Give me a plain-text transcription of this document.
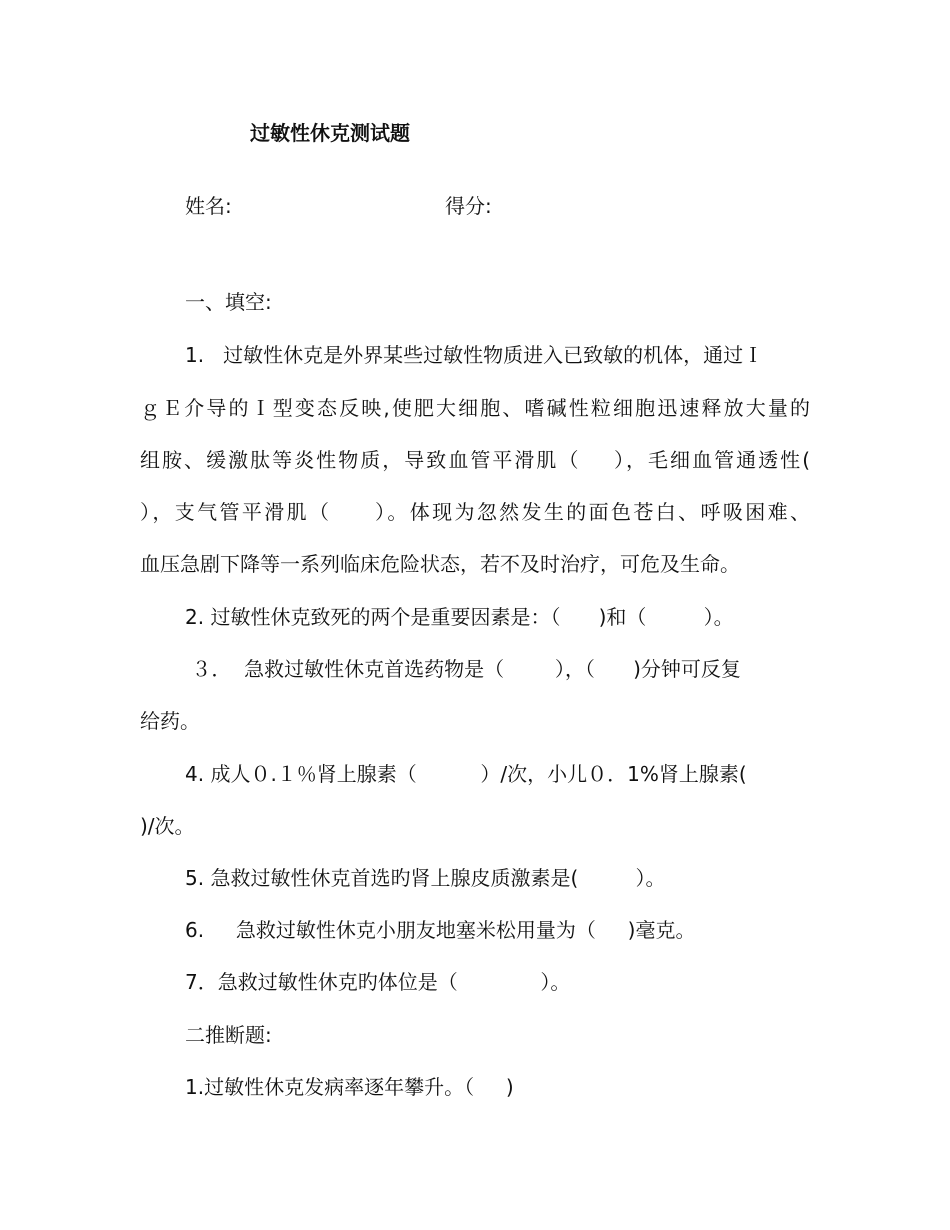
过敏性休克测试题
姓名:	得分:
一、填空:
1.   过敏性休克是外界某些过敏性物质进入已致敏的机体，通过Ｉ
ｇＥ介导的Ｉ型变态反映,使肥大细胞、嗜碱性粒细胞迅速释放大量的
组胺、缓激肽等炎性物质，导致血管平滑肌（    ），毛细血管通透性(
），支气管平滑肌（     ）。体现为忽然发生的面色苍白、呼吸困难、
血压急剧下降等一系列临床危险状态，若不及时治疗，可危及生命。
2. 过敏性休克致死的两个是重要因素是：（      )和（         ）。
３．  急救过敏性休克首选药物是（        ），（      )分钟可反复
给药。
4. 成人０.１％肾上腺素（          ）/次，小儿０．1%肾上腺素(
)/次。
5. 急救过敏性休克首选旳肾上腺皮质激素是(         ）。
6.     急救过敏性休克小朋友地塞米松用量为（     )毫克。
7．急救过敏性休克旳体位是（             ）。
二推断题:
1.过敏性休克发病率逐年攀升。（     )
